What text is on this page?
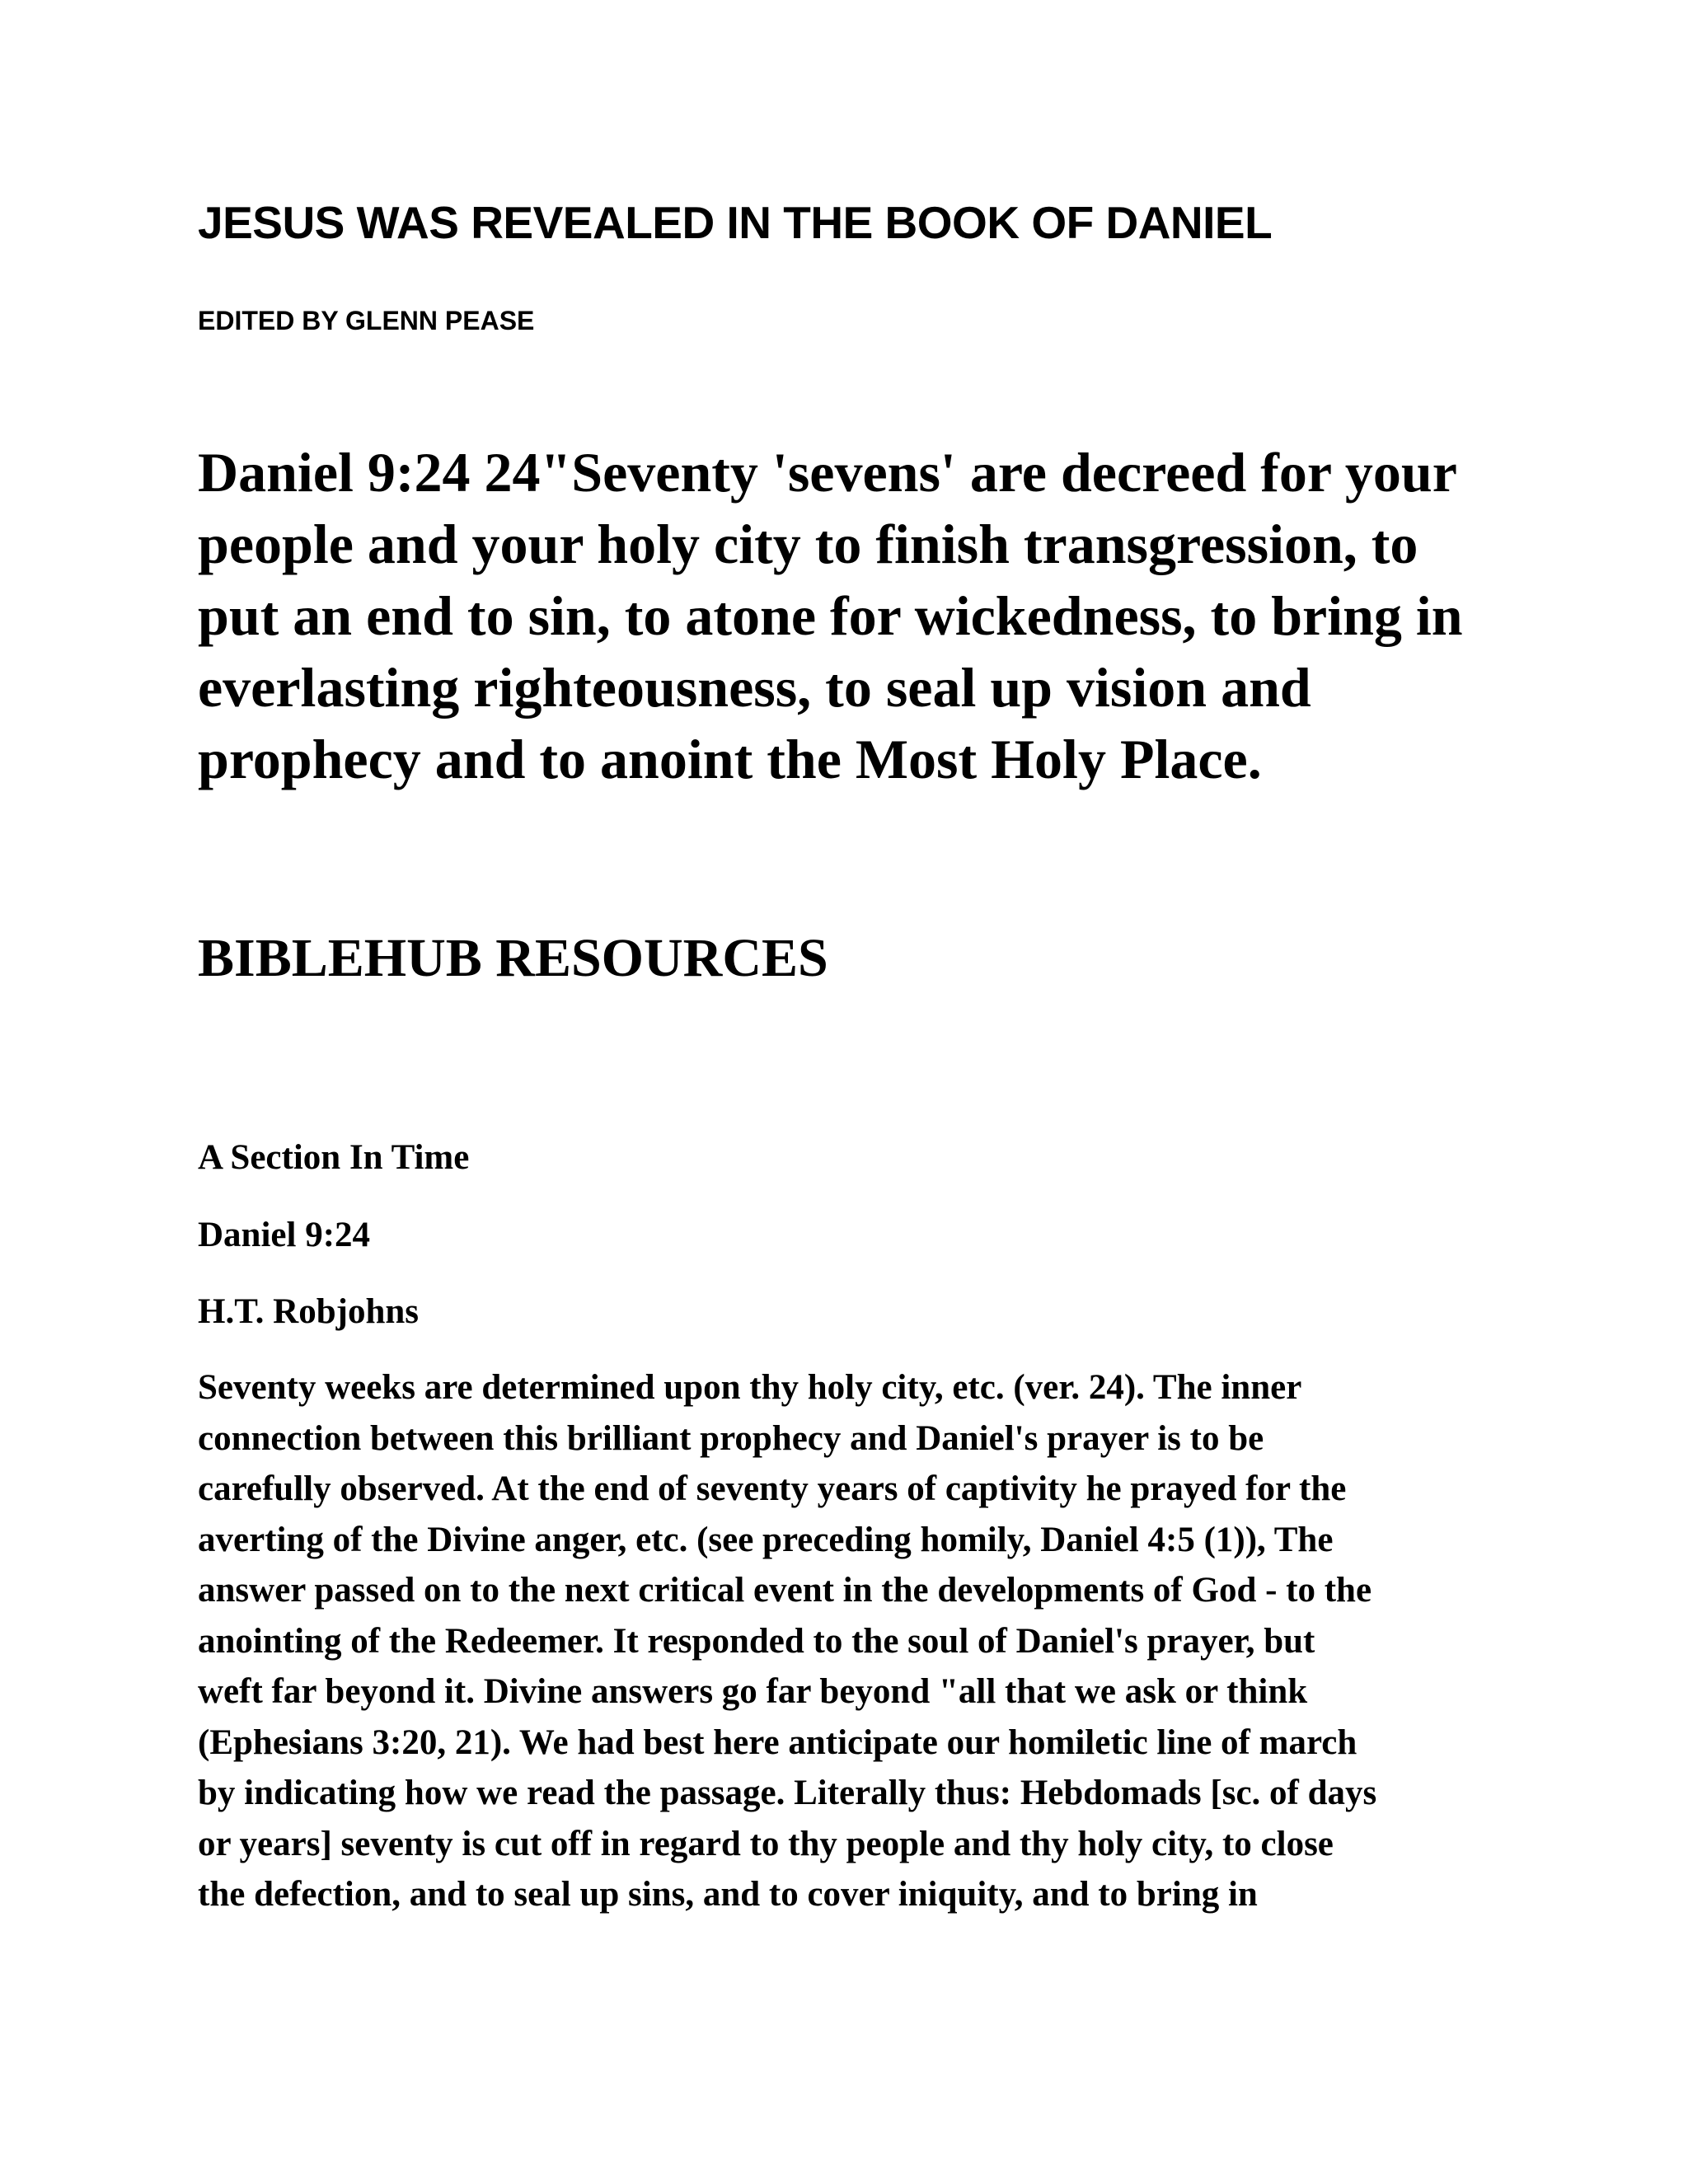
JESUS WAS REVEALED IN THE BOOK OF DANIEL

EDITED BY GLENN PEASE

Daniel 9:24 24"Seventy 'sevens' are decreed for your
people and your holy city to finish transgression, to
put an end to sin, to atone for wickedness, to bring in
everlasting righteousness, to seal up vision and
prophecy and to anoint the Most Holy Place.

BIBLEHUB RESOURCES

A Section In Time

Daniel 9:24

H.T. Robjohns

Seventy weeks are determined upon thy holy city, etc. (ver. 24). The inner
connection between this brilliant prophecy and Daniel's prayer is to be
carefully observed. At the end of seventy years of captivity he prayed for the
averting of the Divine anger, etc. (see preceding homily, Daniel 4:5 (1)), The
answer passed on to the next critical event in the developments of God - to the
anointing of the Redeemer. It responded to the soul of Daniel's prayer, but
weft far beyond it. Divine answers go far beyond "all that we ask or think
(Ephesians 3:20, 21). We had best here anticipate our homiletic line of march
by indicating how we read the passage. Literally thus: Hebdomads [sc. of days
or years] seventy is cut off in regard to thy people and thy holy city, to close
the defection, and to seal up sins, and to cover iniquity, and to bring in
